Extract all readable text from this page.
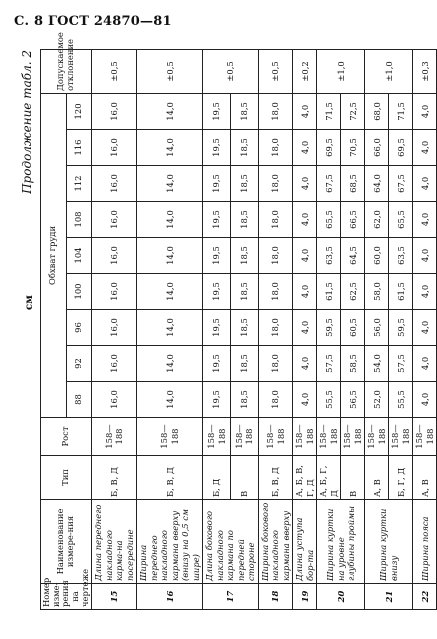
С. 8 ГОСТ 24870—81
Продолжение табл. 2
см
Номер изме-рения на чертеже	Наименование измере-ния	Тип	Рост	Обхват груди									Допускаемое отклонение
				88	92	96	100	104	108	112	116	120	
15	Длина переднего накладного карма-на посередине	Б, В, Д	158—188	16,0	16,0	16,0	16,0	16,0	16,0	16,0	16,0	16,0	±0,5
16	Ширина переднего накладного кармана вверху (внизу на 0,5 см шире)	Б, В, Д	158—188	14,0	14,0	14,0	14,0	14,0	14,0	14,0	14,0	14,0	±0,5
17	Длина бокового накладного кармана по передней стороне	Б, Д	158—188	19,5	19,5	19,5	19,5	19,5	19,5	19,5	19,5	19,5	±0,5
		В	158—188	18,5	18,5	18,5	18,5	18,5	18,5	18,5	18,5	18,5	
18	Ширина бокового накладного кармана вверху	Б, В, Д	158—188	18,0	18,0	18,0	18,0	18,0	18,0	18,0	18,0	18,0	±0,5
19	Длина уступа бор-та	А, Б, В, Г, Д	158—188	4,0	4,0	4,0	4,0	4,0	4,0	4,0	4,0	4,0	±0,2
20	Ширина куртки на уровне глубины проймы	А, Б, Г, Д	158—188	55,5	57,5	59,5	61,5	63,5	65,5	67,5	69,5	71,5	±1,0
		В	158—188	56,5	58,5	60,5	62,5	64,5	66,5	68,5	70,5	72,5	
21	Ширина куртки внизу	А, В	158—188	52,0	54,0	56,0	58,0	60,0	62,0	64,0	66,0	68,0	±1,0
		Б, Г, Д	158—188	55,5	57,5	59,5	61,5	63,5	65,5	67,5	69,5	71,5	
22	Ширина пояса	А, В	158—188	4,0	4,0	4,0	4,0	4,0	4,0	4,0	4,0	4,0	±0,3
